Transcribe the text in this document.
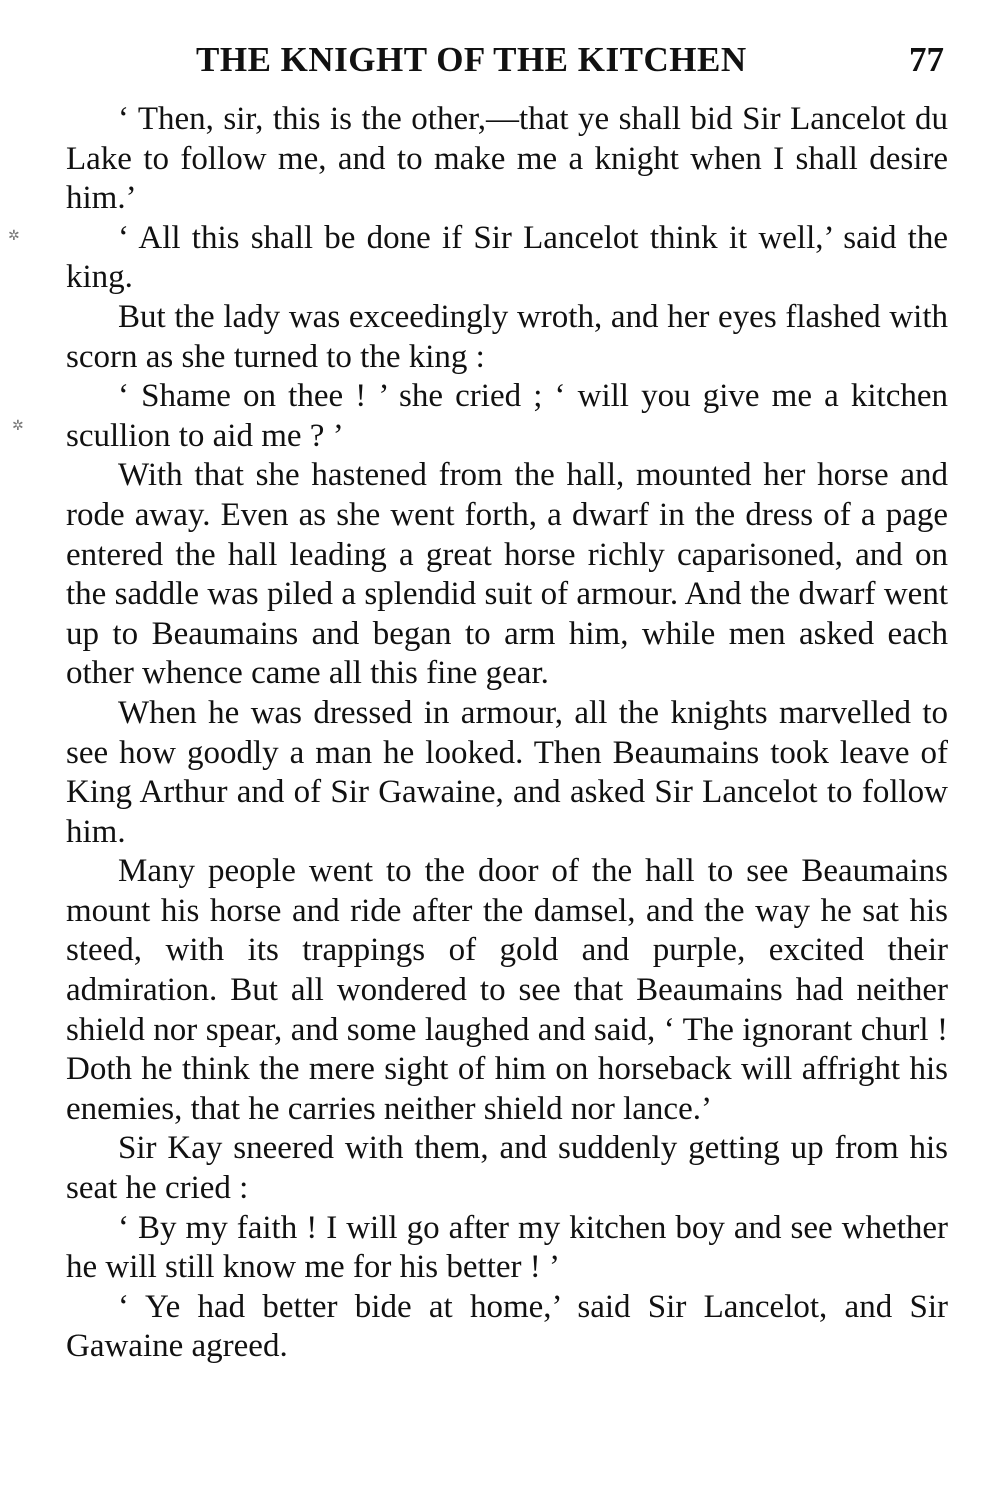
THE KNIGHT OF THE KITCHEN	77

‘ Then, sir, this is the other,—that ye shall bid Sir Lancelot du Lake to follow me, and to make me a knight when I shall desire him.’

‘ All this shall be done if Sir Lancelot think it well,’ said the king.

But the lady was exceedingly wroth, and her eyes flashed with scorn as she turned to the king :

‘ Shame on thee ! ’ she cried ; ‘ will you give me a kitchen scullion to aid me ? ’

With that she hastened from the hall, mounted her horse and rode away. Even as she went forth, a dwarf in the dress of a page entered the hall leading a great horse richly caparisoned, and on the saddle was piled a splendid suit of armour. And the dwarf went up to Beaumains and began to arm him, while men asked each other whence came all this fine gear.

When he was dressed in armour, all the knights marvelled to see how goodly a man he looked. Then Beaumains took leave of King Arthur and of Sir Gawaine, and asked Sir Lancelot to follow him.

Many people went to the door of the hall to see Beaumains mount his horse and ride after the damsel, and the way he sat his steed, with its trappings of gold and purple, excited their admiration. But all wondered to see that Beaumains had neither shield nor spear, and some laughed and said, ‘ The ignorant churl ! Doth he think the mere sight of him on horseback will affright his enemies, that he carries neither shield nor lance.’

Sir Kay sneered with them, and suddenly getting up from his seat he cried :

‘ By my faith ! I will go after my kitchen boy and see whether he will still know me for his better ! ’

‘ Ye had better bide at home,’ said Sir Lancelot, and Sir Gawaine agreed.

✲
✲
